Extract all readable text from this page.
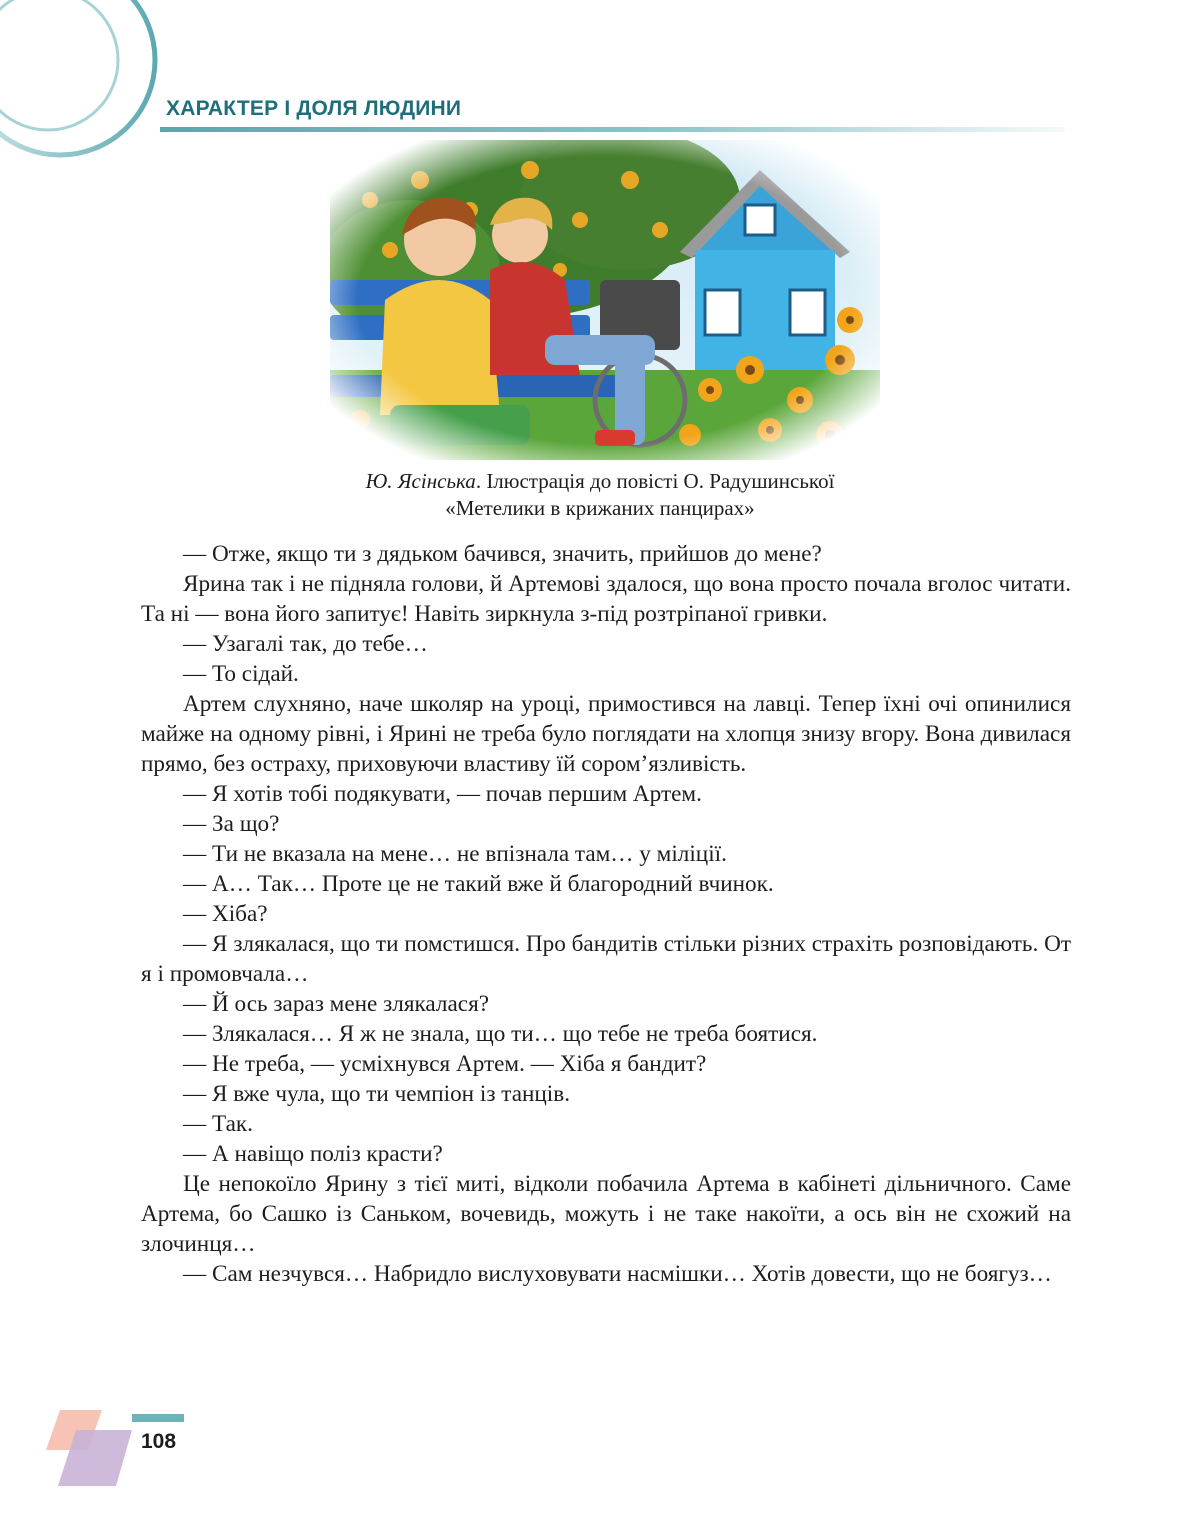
ХАРАКТЕР І ДОЛЯ ЛЮДИНИ
Ю. Ясінська. Ілюстрація до повісті О. Радушинської
«Метелики в крижаних панцирах»

— Отже, якщо ти з дядьком бачився, значить, прийшов до мене?

Ярина так і не підняла голови, й Артемові здалося, що вона просто почала вголос читати. Та ні — вона його запитує! Навіть зиркнула з-під розтріпаної гривки.

— Узагалі так, до тебе…

— То сідай.

Артем слухняно, наче школяр на уроці, примостився на лавці. Тепер їхні очі опинилися майже на одному рівні, і Ярині не треба було поглядати на хлопця знизу вгору. Вона дивилася прямо, без остраху, приховуючи властиву їй сором’язливість.

— Я хотів тобі подякувати, — почав першим Артем.

— За що?

— Ти не вказала на мене… не впізнала там… у міліції.

— А… Так… Проте це не такий вже й благородний вчинок.

— Хіба?

— Я злякалася, що ти помстишся. Про бандитів стільки різних страхіть розповідають. От я і промовчала…

— Й ось зараз мене злякалася?

— Злякалася… Я ж не знала, що ти… що тебе не треба боятися.

— Не треба, — усміхнувся Артем. — Хіба я бандит?

— Я вже чула, що ти чемпіон із танців.

— Так.

— А навіщо поліз красти?

Це непокоїло Ярину з тієї миті, відколи побачила Артема в кабінеті дільничного. Саме Артема, бо Сашко із Саньком, вочевидь, можуть і не таке накоїти, а ось він не схожий на злочинця…

— Сам незчувся… Набридло вислуховувати насмішки… Хотів довести, що не боягуз…

108
